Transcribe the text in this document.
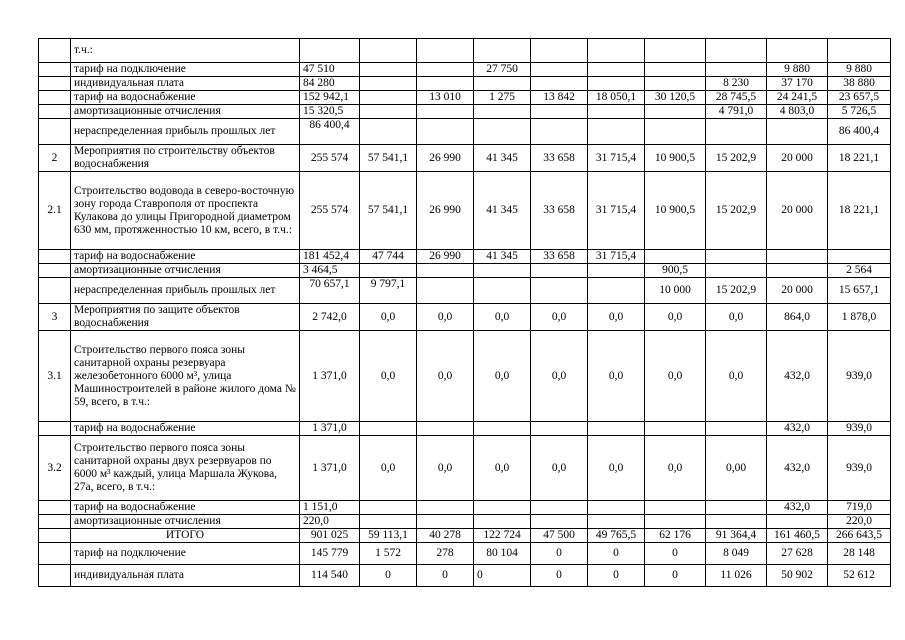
	т.ч.:										
	тариф на подключение	47 510			27 750					9 880	9 880
	индивидуальная плата	84 280							8 230	37 170	38 880
	тариф на водоснабжение	152 942,1		13 010	1 275	13 842	18 050,1	30 120,5	28 745,5	24 241,5	23 657,5
	амортизационные отчисления	15 320,5							4 791,0	4 803,0	5 726,5
	нераспределенная прибыль прошлых лет	86 400,4									86 400,4
2	Мероприятия по строительству объектов водоснабжения	255 574	57 541,1	26 990	41 345	33 658	31 715,4	10 900,5	15 202,9	20 000	18 221,1
2.1	Строительство водовода в северо-восточную зону города Ставрополя от проспекта Кулакова до улицы Пригородной диаметром 630 мм, протяженностью 10 км, всего, в т.ч.:	255 574	57 541,1	26 990	41 345	33 658	31 715,4	10 900,5	15 202,9	20 000	18 221,1
	тариф на водоснабжение	181 452,4	47 744	26 990	41 345	33 658	31 715,4				
	амортизационные отчисления	3 464,5						900,5			2 564
	нераспределенная прибыль прошлых лет	70 657,1	9 797,1					10 000	15 202,9	20 000	15 657,1
3	Мероприятия по защите объектов водоснабжения	2 742,0	0,0	0,0	0,0	0,0	0,0	0,0	0,0	864,0	1 878,0
3.1	Строительство первого пояса зоны санитарной охраны резервуара железобетонного 6000 м³, улица Машиностроителей в районе жилого дома № 59, всего, в т.ч.:	1 371,0	0,0	0,0	0,0	0,0	0,0	0,0	0,0	432,0	939,0
	тариф на водоснабжение	1 371,0								432,0	939,0
3.2	Строительство первого пояса зоны санитарной охраны двух резервуаров по 6000 м³ каждый, улица Маршала Жукова, 27а, всего, в т.ч.:	1 371,0	0,0	0,0	0,0	0,0	0,0	0,0	0,00	432,0	939,0
	тариф на водоснабжение	1 151,0								432,0	719,0
	амортизационные отчисления	220,0									220,0
	ИТОГО	901 025	59 113,1	40 278	122 724	47 500	49 765,5	62 176	91 364,4	161 460,5	266 643,5
	тариф на подключение	145 779	1 572	278	80 104	0	0	0	8 049	27 628	28 148
	индивидуальная плата	114 540	0	0	0	0	0	0	11 026	50 902	52 612
